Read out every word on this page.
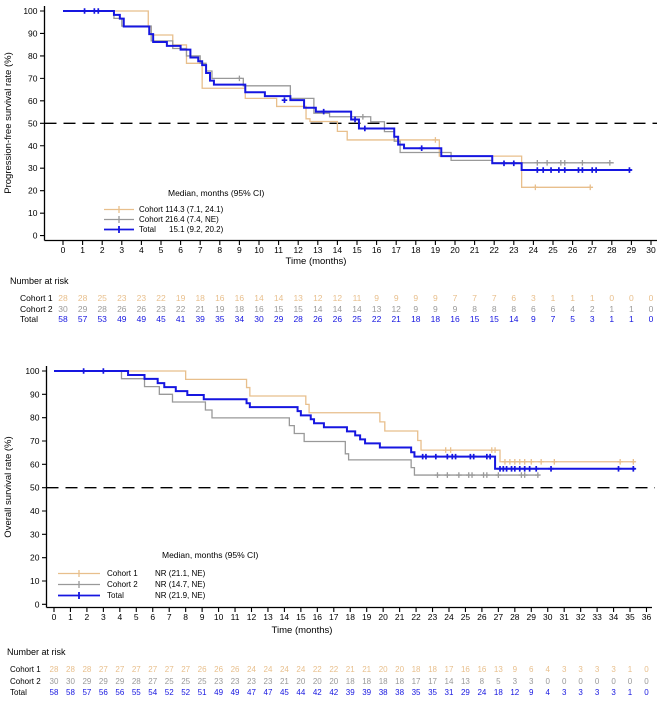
0
10
20
30
40
50
60
70
80
90
100
0 1 2 3 4 5 6 7 8 9 10 11 12 13 14 15 16 17 18 19 20 21 22 23 24 25 26 27 28 29 30
0
10
20
30
40
50
60
70
80
90
100
0 1 2 3 4 5 6 7 8 9 10 11 12 13 14 15 16 17 18 19 20 21 22 23 24 25 26 27 28 29 30 31 32 33 34 35 36
Progression-free survival rate (%)
Time (months)
Median, months (95% CI)
Cohort 1 14.3 (7.1, 24.1)
Cohort 2 16.4 (7.4, NE)
Total	15.1 (9.2, 20.2)
Number at risk
Cohort 1 28 28 25 23 23 22 19 18 16 16 14 14 13 12 12 11 9 9 9 9 7 7 7 6 3 1 1 1 0 0 0
Cohort 2 30 29 28 26 26 23 22 21 19 18 16 15 15 14 14 14 13 12 9 9 9 8 8 8 6 6 4 2 1 1 0
Total 58 57 53 49 49 45 41 39 35 34 30 29 28 26 26 25 22 21 18 18 16 15 15 14 9 7 5 3 1 1 0
Overall survival rate (%)
Time (months)
Median, months (95% CI)
Cohort 1	NR (21.1, NE)
Cohort 2	NR (14.7, NE)
Total	NR (21.9, NE)
Number at risk
Cohort 1 28 28 28 27 27 27 27 27 27 26 26 26 24 24 24 24 22 22 21 21 20 20 18 18 17 16 16 13 9 6 4 3 3 3 3 1 0
Cohort 2 30 30 29 29 29 28 27 25 25 25 23 23 23 23 21 20 20 20 18 18 18 18 17 17 14 13 8 5 3 3 0 0 0 0 0 0 0
Total	58 58 57 56 56 55 54 52 52 51 49 49 47 47 45 44 42 42 39 39 38 38 35 35 31 29 24 18 12 9 4 3 3 3 3 1 0
